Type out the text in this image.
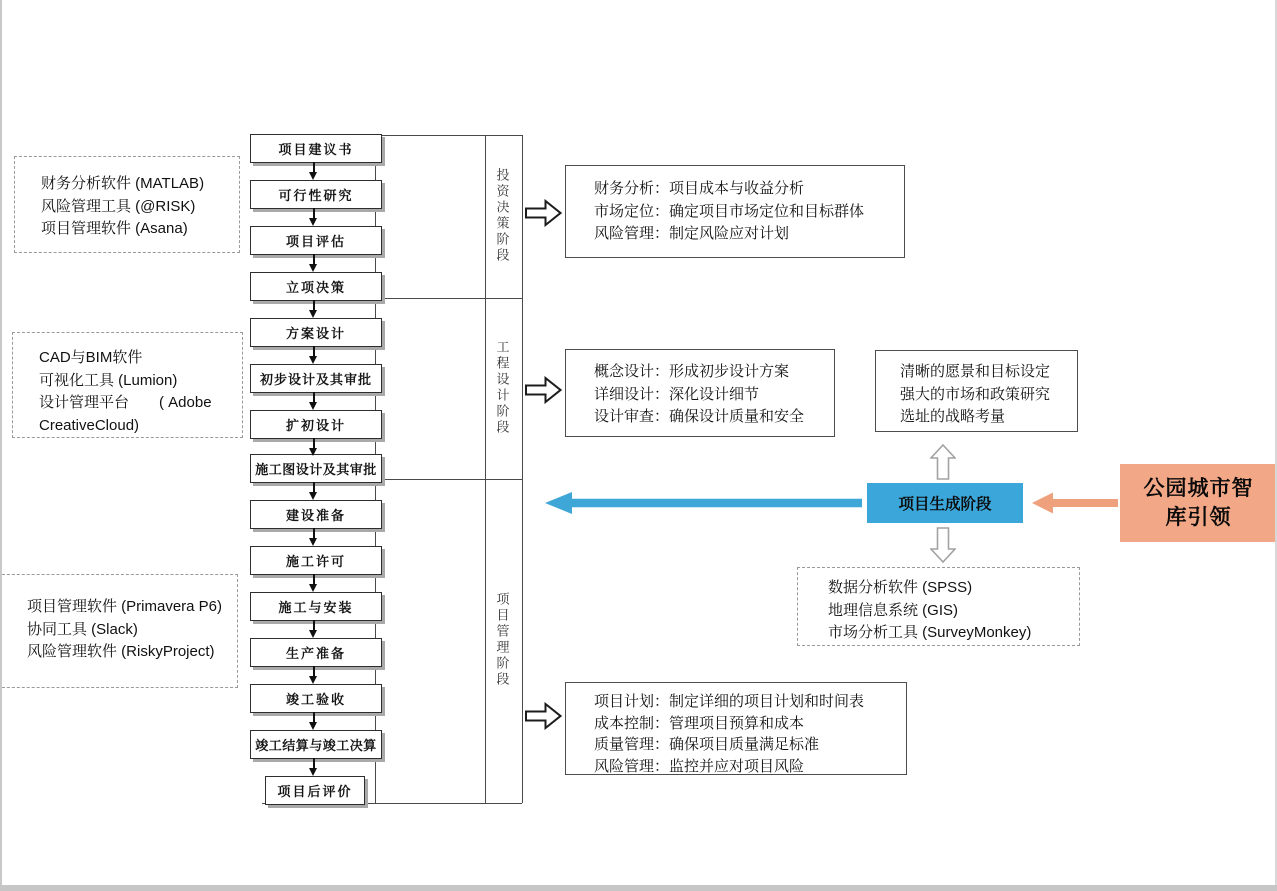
投资决策阶段
工程设计阶段
项目管理阶段
财务分析软件 (MATLAB)
风险管理工具 (@RISK)
项目管理软件 (Asana)
CAD与BIM软件
可视化工具 (Lumion)
设计管理平台　　( Adobe
CreativeCloud)
项目管理软件 (Primavera P6)
协同工具 (Slack)
风险管理软件 (RiskyProject)
数据分析软件 (SPSS)
地理信息系统 (GIS)
市场分析工具 (SurveyMonkey)
财务分析：项目成本与收益分析
市场定位：确定项目市场定位和目标群体
风险管理：制定风险应对计划
概念设计：形成初步设计方案
详细设计：深化设计细节
设计审查：确保设计质量和安全
清晰的愿景和目标设定
强大的市场和政策研究
选址的战略考量
项目计划：制定详细的项目计划和时间表
成本控制：管理项目预算和成本
质量管理：确保项目质量满足标准
风险管理：监控并应对项目风险
项目建议书
可行性研究
项目评估
立项决策
方案设计
初步设计及其审批
扩初设计
施工图设计及其审批
建设准备
施工许可
施工与安装
生产准备
竣工验收
竣工结算与竣工决算
项目后评价
项目生成阶段
公园城市智
库引领
